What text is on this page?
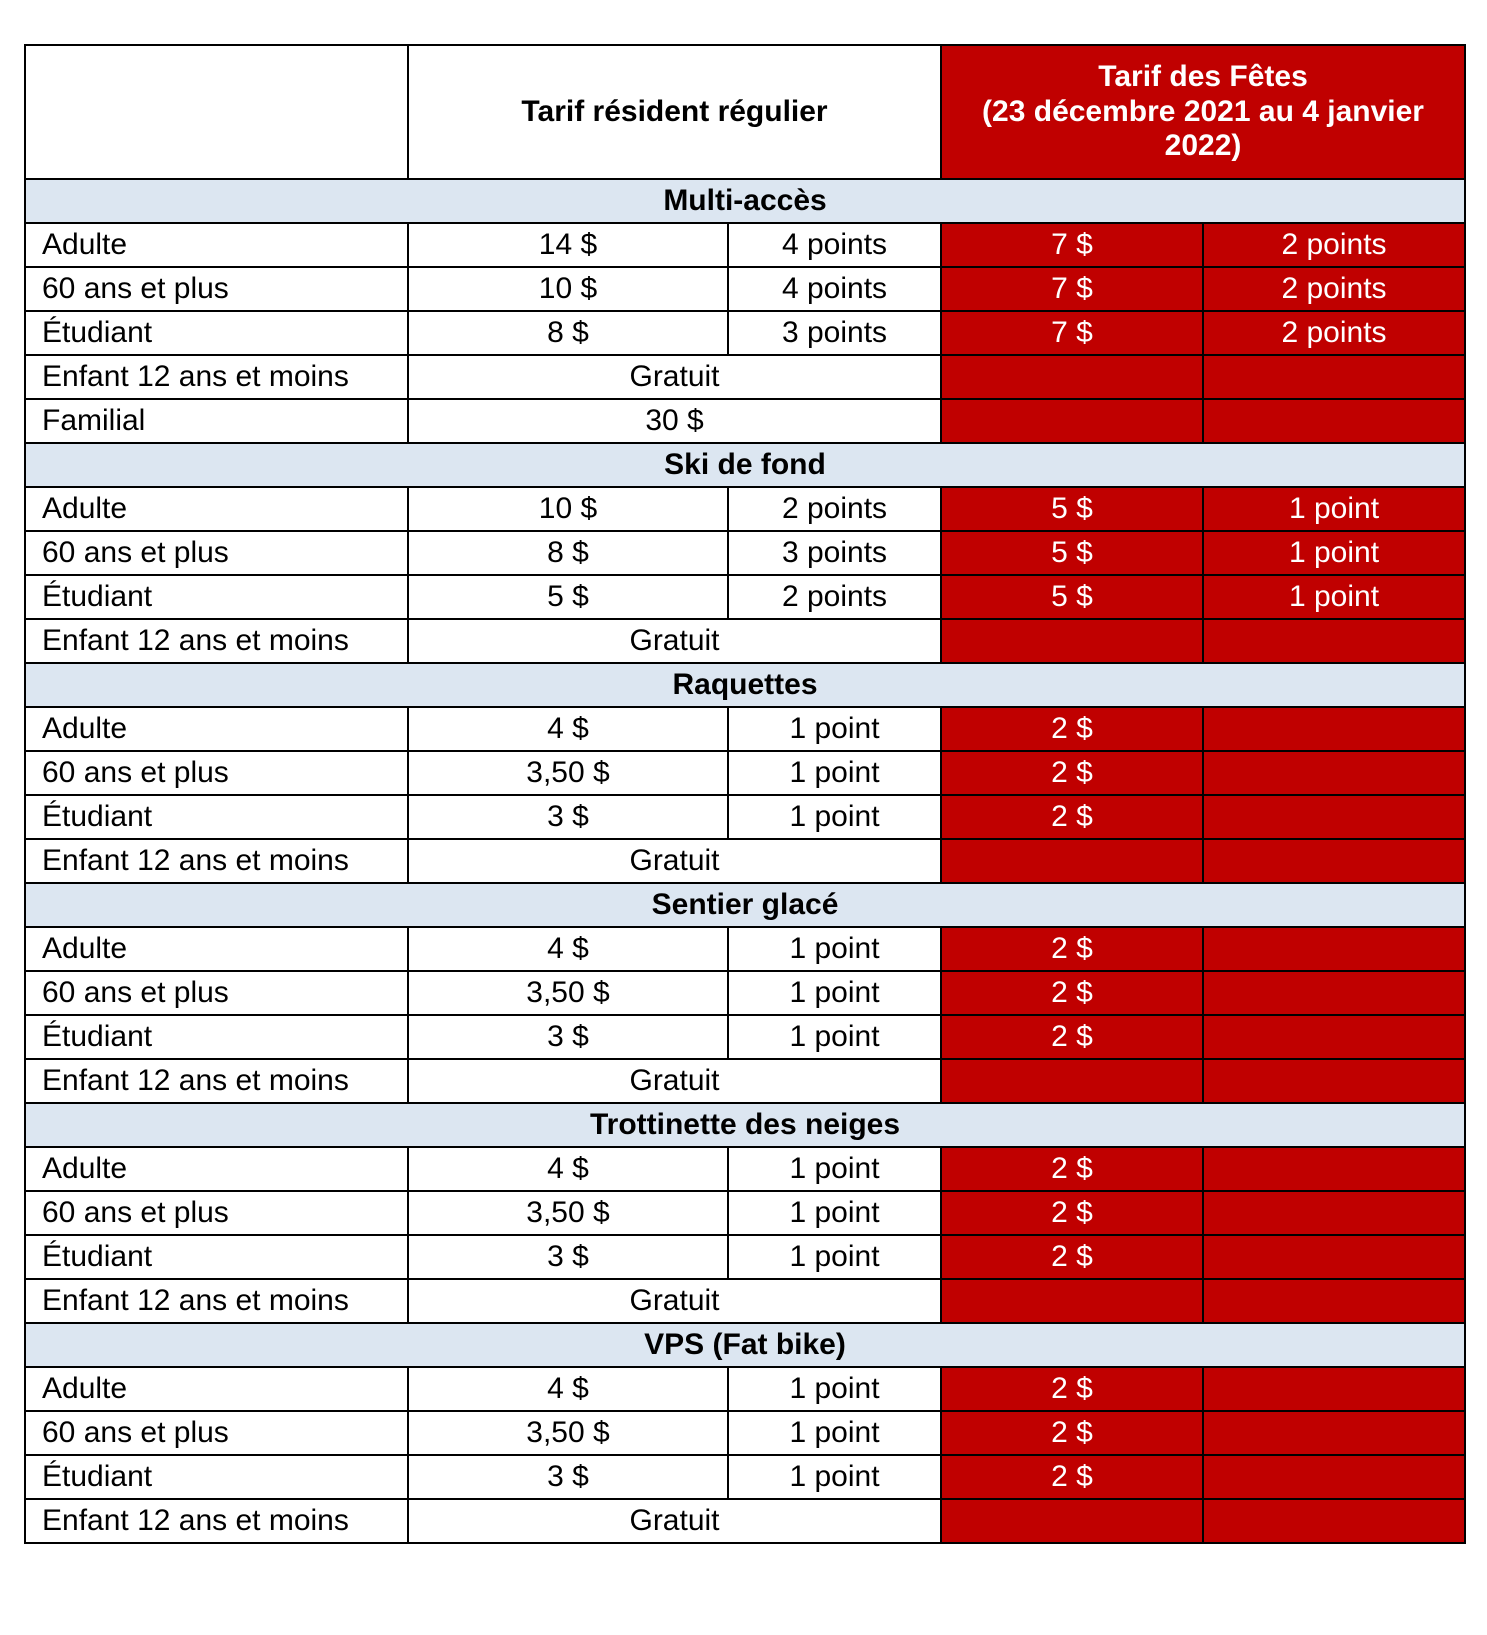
	Tarif résident régulier		Tarif des Fêtes
(23 décembre 2021 au 4 janvier 2022)	
Multi-accès				
Adulte	14 $	4 points	7 $	2 points
60 ans et plus	10 $	4 points	7 $	2 points
Étudiant	8 $	3 points	7 $	2 points
Enfant 12 ans et moins	Gratuit			
Familial	30 $			
Ski de fond				
Adulte	10 $	2 points	5 $	1 point
60 ans et plus	8 $	3 points	5 $	1 point
Étudiant	5 $	2 points	5 $	1 point
Enfant 12 ans et moins	Gratuit			
Raquettes				
Adulte	4 $	1 point	2 $	
60 ans et plus	3,50 $	1 point	2 $	
Étudiant	3 $	1 point	2 $	
Enfant 12 ans et moins	Gratuit			
Sentier glacé				
Adulte	4 $	1 point	2 $	
60 ans et plus	3,50 $	1 point	2 $	
Étudiant	3 $	1 point	2 $	
Enfant 12 ans et moins	Gratuit			
Trottinette des neiges				
Adulte	4 $	1 point	2 $	
60 ans et plus	3,50 $	1 point	2 $	
Étudiant	3 $	1 point	2 $	
Enfant 12 ans et moins	Gratuit			
VPS (Fat bike)				
Adulte	4 $	1 point	2 $	
60 ans et plus	3,50 $	1 point	2 $	
Étudiant	3 $	1 point	2 $	
Enfant 12 ans et moins	Gratuit			
